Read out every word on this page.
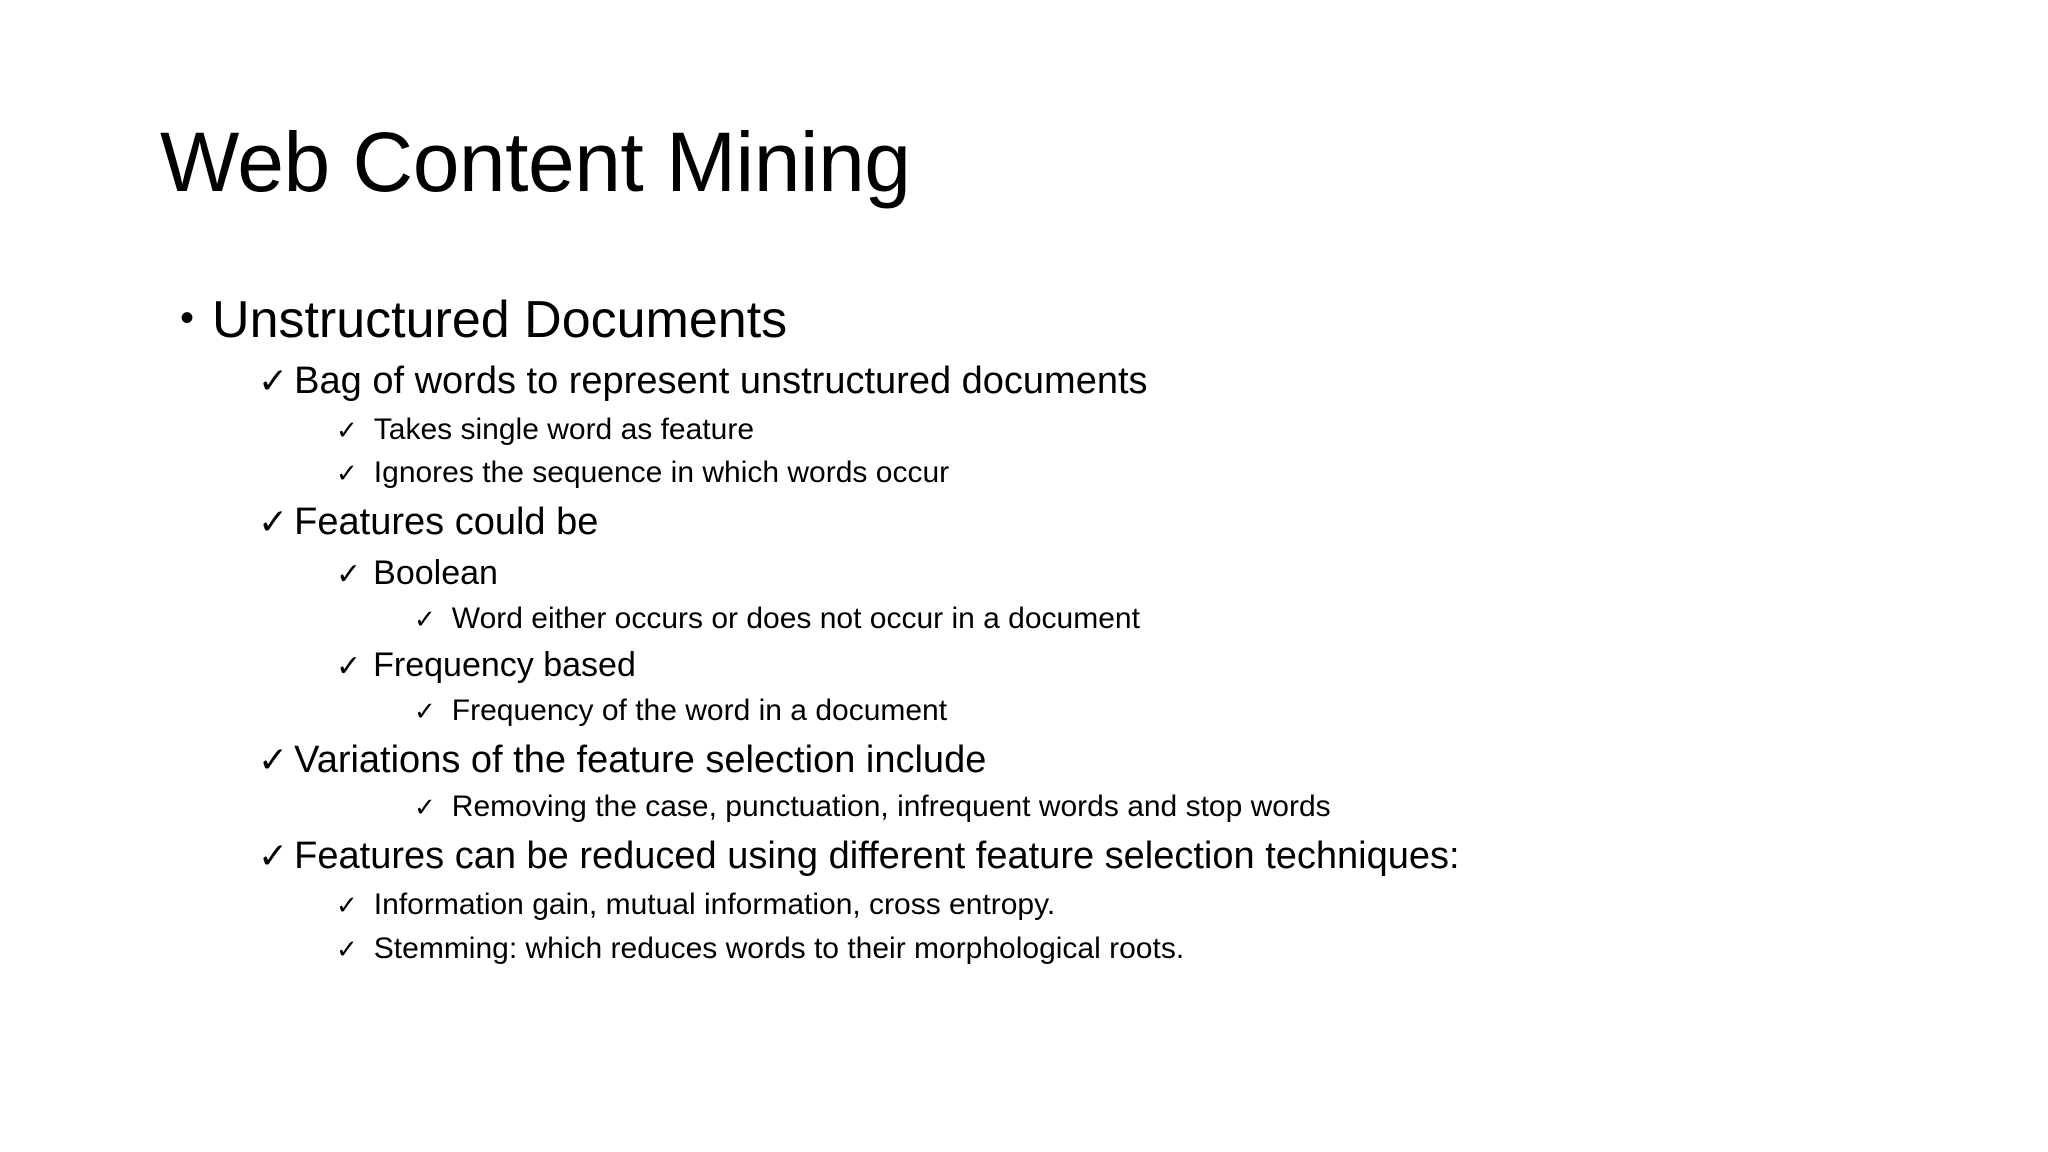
Web Content Mining
• Unstructured Documents
✓ Bag of words to represent unstructured documents
✓ Takes single word as feature
✓ Ignores the sequence in which words occur
✓ Features could be
✓ Boolean
✓ Word either occurs or does not occur in a document
✓ Frequency based
✓ Frequency of the word in a document
✓ Variations of the feature selection include
✓ Removing the case, punctuation, infrequent words and stop words
✓ Features can be reduced using different feature selection techniques:
✓ Information gain, mutual information, cross entropy.
✓ Stemming: which reduces words to their morphological roots.
